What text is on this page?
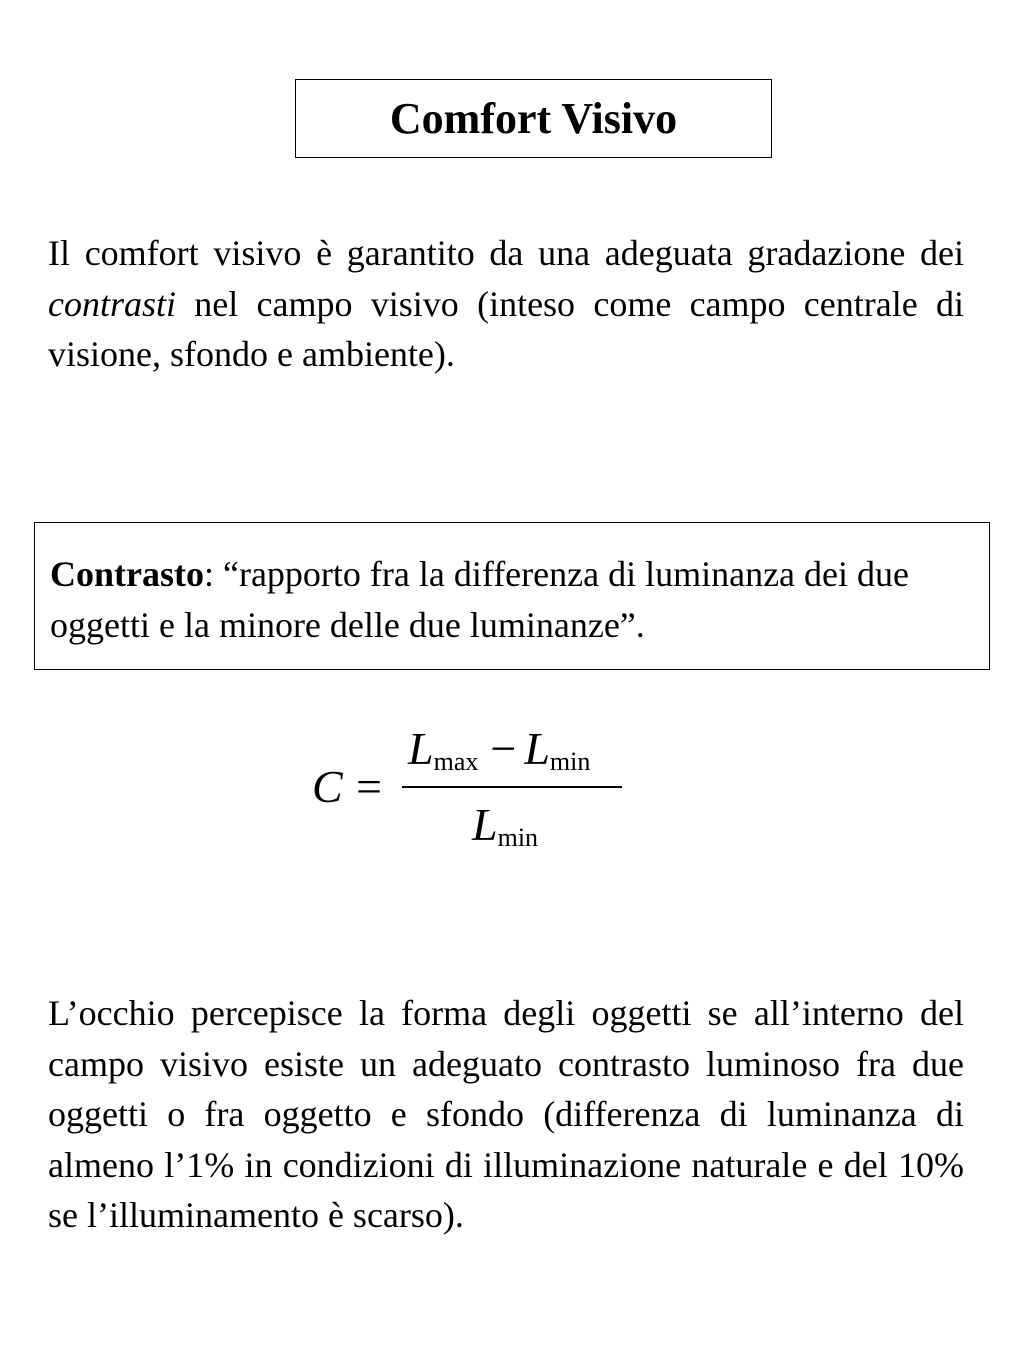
Comfort Visivo

Il comfort visivo è garantito da una adeguata gradazione dei contrasti nel campo visivo (inteso come campo centrale di visione, sfondo e ambiente).

Contrasto: “rapporto fra la differenza di luminanza dei due oggetti e la minore delle due luminanze”.

C =
$L_{max} - L_{min}$
$L_{min}$

L’occhio percepisce la forma degli oggetti se all’interno del campo visivo esiste un adeguato contrasto luminoso fra due oggetti o fra oggetto e sfondo (differenza di luminanza di almeno l’1% in condizioni di illuminazione naturale e del 10% se l’illuminamento è scarso).
